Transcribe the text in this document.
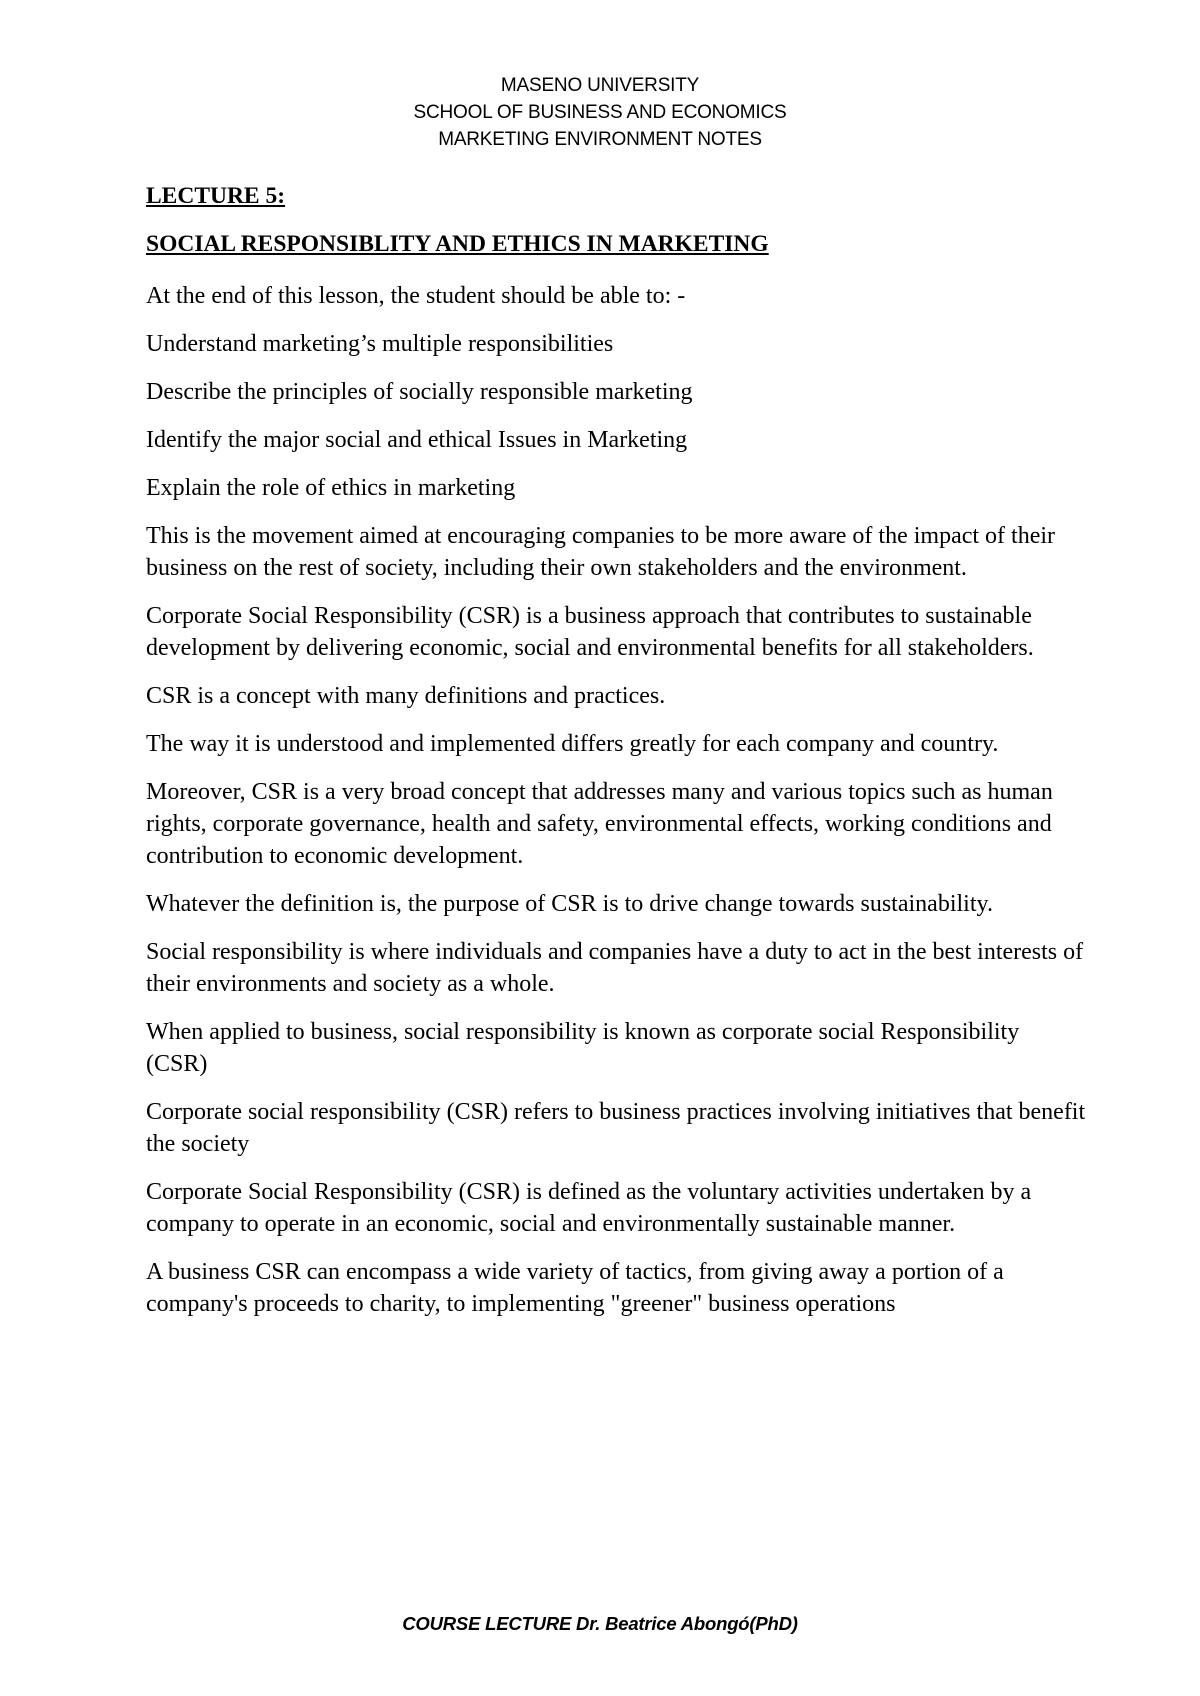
MASENO UNIVERSITY
SCHOOL OF BUSINESS AND ECONOMICS
MARKETING ENVIRONMENT NOTES
LECTURE 5:
SOCIAL RESPONSIBLITY AND ETHICS IN MARKETING
At the end of this lesson, the student should be able to: -
Understand marketing’s multiple responsibilities
Describe the principles of socially responsible marketing
Identify the major social and ethical Issues in Marketing
Explain the role of ethics in marketing
This is the movement aimed at encouraging companies to be more aware of the impact of their business on the rest of society, including their own stakeholders and the environment.
Corporate Social Responsibility (CSR) is a business approach that contributes to sustainable development by delivering economic, social and environmental benefits for all stakeholders.
CSR is a concept with many definitions and practices.
The way it is understood and implemented differs greatly for each company and country.
Moreover, CSR is a very broad concept that addresses many and various topics such as human rights, corporate governance, health and safety, environmental effects, working conditions and contribution to economic development.
Whatever the definition is, the purpose of CSR is to drive change towards sustainability.
Social responsibility is where individuals and companies have a duty to act in the best interests of their environments and society as a whole.
When applied to business, social responsibility is known as corporate social Responsibility (CSR)
Corporate social responsibility (CSR) refers to business practices involving initiatives that benefit the society
Corporate Social Responsibility (CSR) is defined as the voluntary activities undertaken by a company to operate in an economic, social and environmentally sustainable manner.
A business CSR can encompass a wide variety of tactics, from giving away a portion of a company's proceeds to charity, to implementing "greener" business operations
COURSE LECTURE Dr. Beatrice Abongó(PhD)
